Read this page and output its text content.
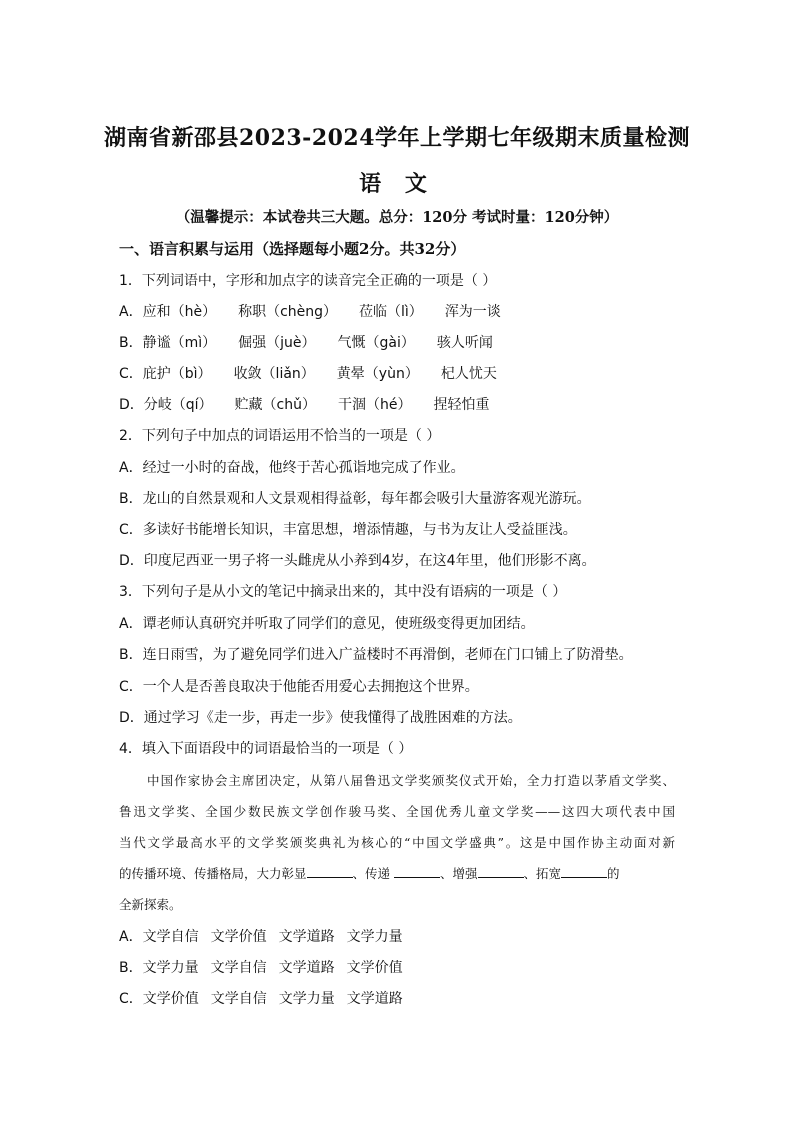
湖南省新邵县2023-2024学年上学期七年级期末质量检测
语 文
（温馨提示：本试卷共三大题。总分：120分 考试时量：120分钟）
一、语言积累与运用（选择题每小题2分。共32分）
1．下列词语中，字形和加点字的读音完全正确的一项是（ ）
A．应和（hè） 称职（chèng） 莅临（lì） 浑为一谈
B．静谧（mì） 倔强（juè） 气慨（gài） 骇人听闻
C．庇护（bì） 收敛（liǎn） 黄晕（yùn） 杞人忧天
D．分岐（qí） 贮藏（chǔ） 干涸（hé） 捏轻怕重
2．下列句子中加点的词语运用不恰当的一项是（ ）
A．经过一小时的奋战，他终于苦心孤诣地完成了作业。
B．龙山的自然景观和人文景观相得益彰，每年都会吸引大量游客观光游玩。
C．多读好书能增长知识，丰富思想，增添情趣，与书为友让人受益匪浅。
D．印度尼西亚一男子将一头雌虎从小养到4岁，在这4年里，他们形影不离。
3．下列句子是从小文的笔记中摘录出来的，其中没有语病的一项是（ ）
A．谭老师认真研究并听取了同学们的意见，使班级变得更加团结。
B．连日雨雪，为了避免同学们进入广益楼时不再滑倒，老师在门口铺上了防滑垫。
C．一个人是否善良取决于他能否用爱心去拥抱这个世界。
D．通过学习《走一步，再走一步》使我懂得了战胜困难的方法。
4．填入下面语段中的词语最恰当的一项是（ ）
中国作家协会主席团决定，从第八届鲁迅文学奖颁奖仪式开始，全力打造以茅盾文学奖、
鲁迅文学奖、全国少数民族文学创作骏马奖、全国优秀儿童文学奖——这四大项代表中国
当代文学最高水平的文学奖颁奖典礼为核心的“中国文学盛典”。这是中国作协主动面对新
的传播环境、传播格局，大力彰显	、传递	、增强	、拓宽	的
全新探索。
A．文学自信 文学价值 文学道路 文学力量
B．文学力量 文学自信 文学道路 文学价值
C．文学价值 文学自信 文学力量 文学道路
